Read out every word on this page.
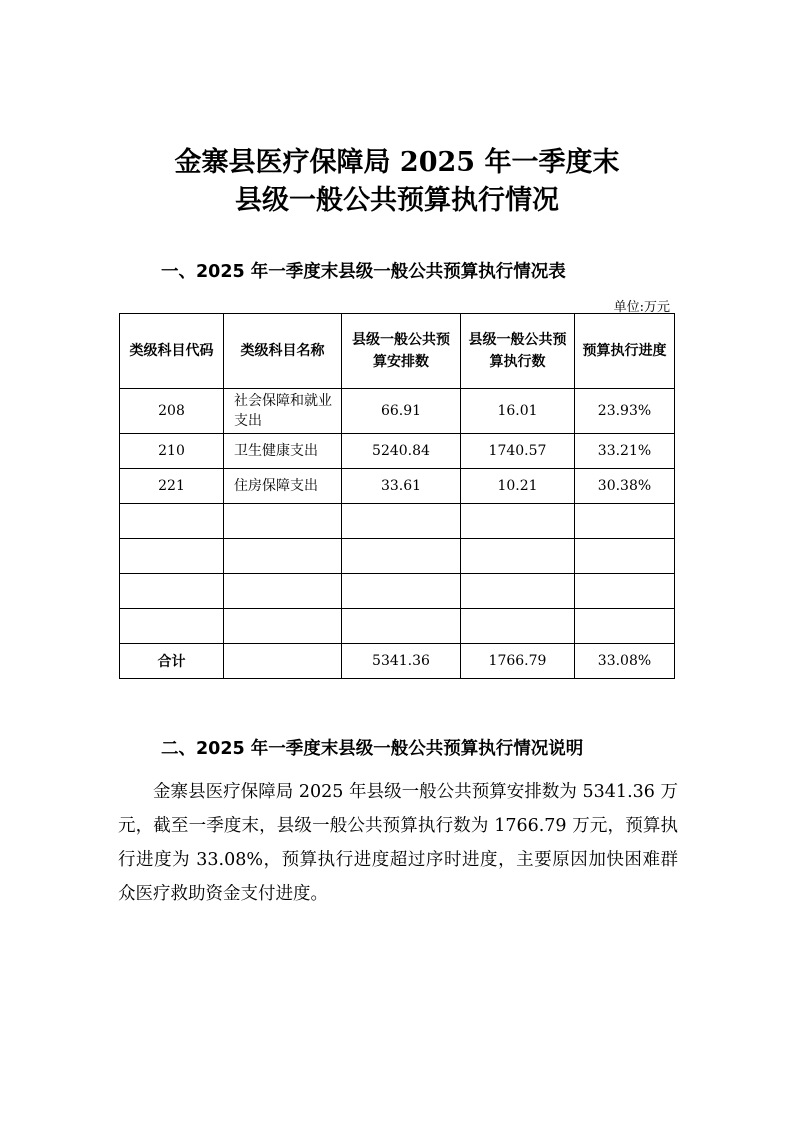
金寨县医疗保障局 2025 年一季度末
县级一般公共预算执行情况
一、2025 年一季度末县级一般公共预算执行情况表
单位:万元
类级科目代码	类级科目名称	县级一般公共预算安排数	县级一般公共预算执行数	预算执行进度
208	社会保障和就业支出	66.91	16.01	23.93%
210	卫生健康支出	5240.84	1740.57	33.21%
221	住房保障支出	33.61	10.21	30.38%

合计		5341.36	1766.79	33.08%
二、2025 年一季度末县级一般公共预算执行情况说明
金寨县医疗保障局 2025 年县级一般公共预算安排数为 5341.36 万元，截至一季度末，县级一般公共预算执行数为 1766.79 万元，预算执行进度为 33.08%，预算执行进度超过序时进度，主要原因加快困难群众医疗救助资金支付进度。
